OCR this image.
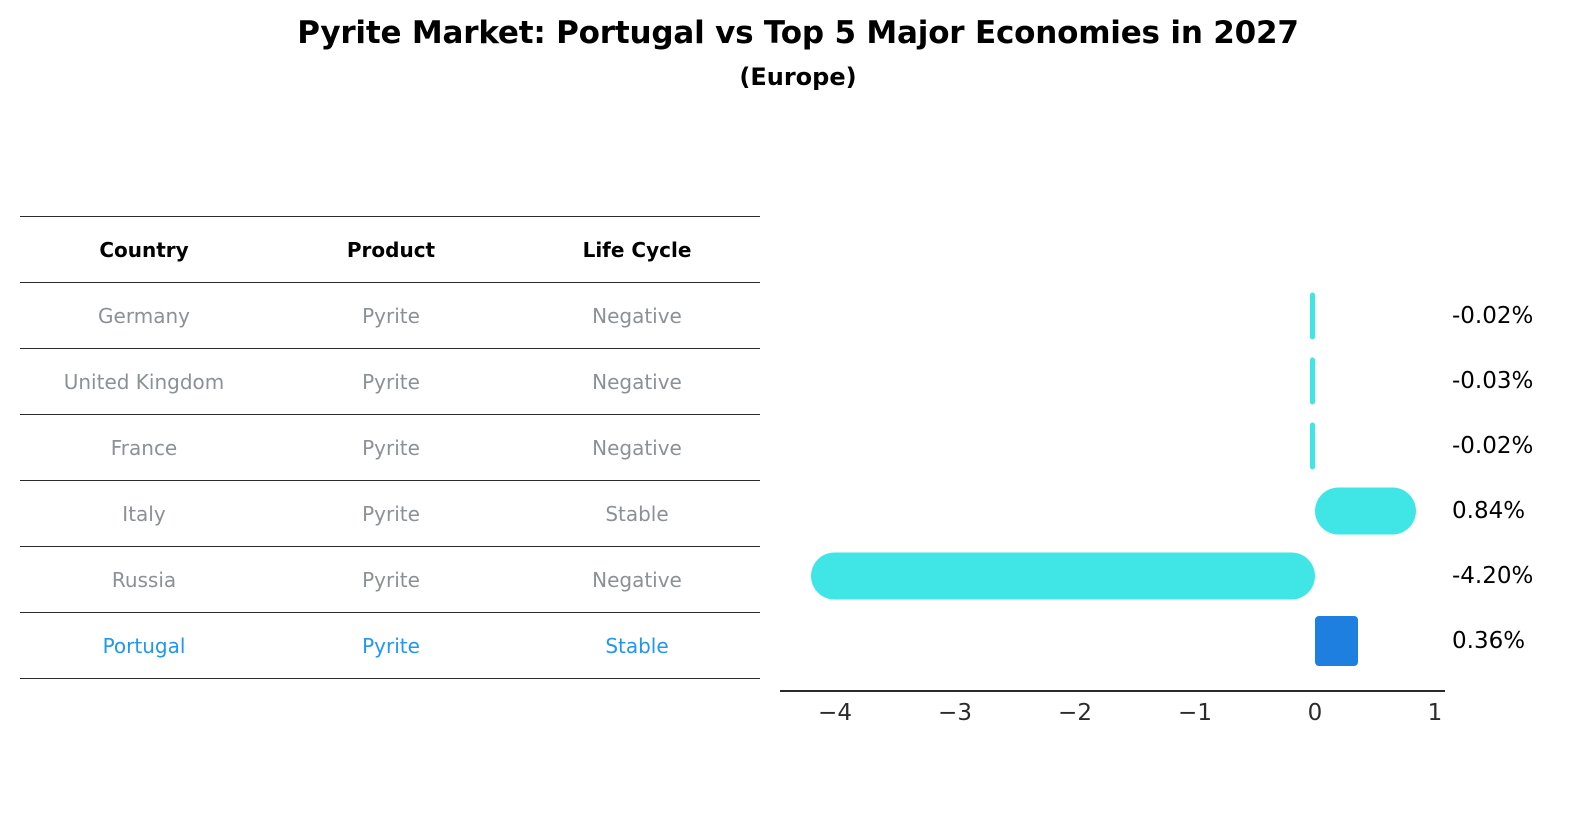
Pyrite Market: Portugal vs Top 5 Major Economies in 2027
(Europe)
Country	Product	Life Cycle
Germany	Pyrite	Negative
United Kingdom	Pyrite	Negative
France	Pyrite	Negative
Italy	Pyrite	Stable
Russia	Pyrite	Negative
Portugal	Pyrite	Stable
-0.02%
-0.03%
-0.02%
0.84%
-4.20%
0.36%
−4	−3	−2	−1	0	1
